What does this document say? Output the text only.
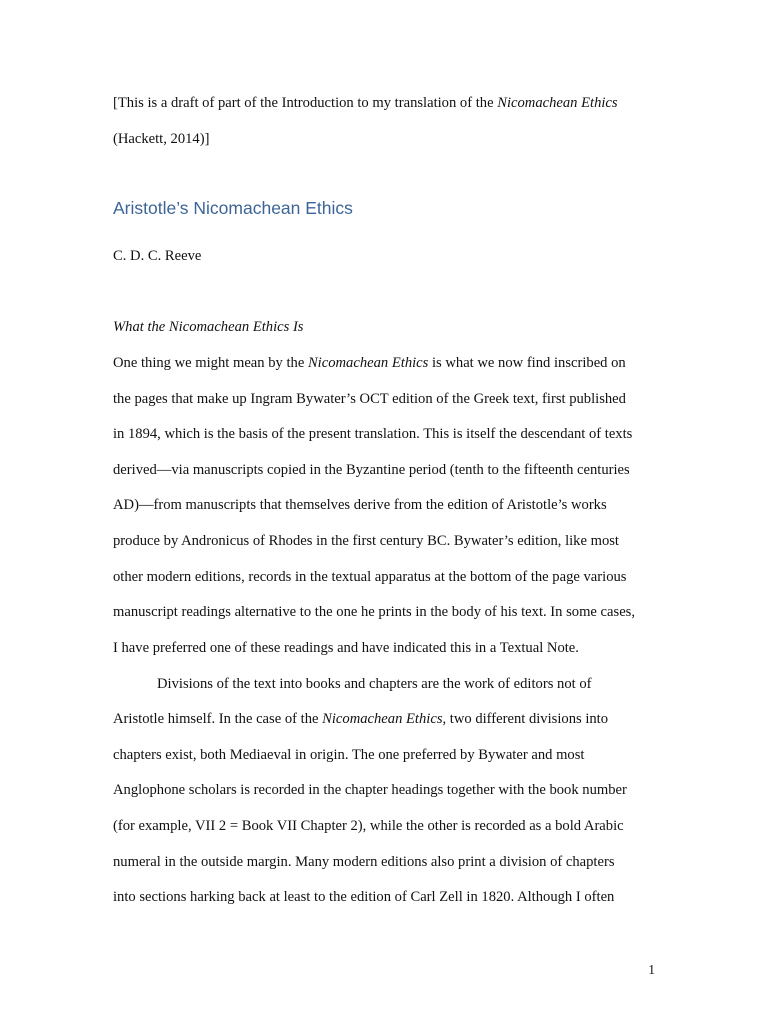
[This is a draft of part of the Introduction to my translation of the Nicomachean Ethics
(Hackett, 2014)]
Aristotle’s Nicomachean Ethics
C. D. C. Reeve
What the Nicomachean Ethics Is
One thing we might mean by the Nicomachean Ethics is what we now find inscribed on
the pages that make up Ingram Bywater’s OCT edition of the Greek text, first published
in 1894, which is the basis of the present translation. This is itself the descendant of texts
derived—via manuscripts copied in the Byzantine period (tenth to the fifteenth centuries
AD)—from manuscripts that themselves derive from the edition of Aristotle’s works
produce by Andronicus of Rhodes in the first century BC. Bywater’s edition, like most
other modern editions, records in the textual apparatus at the bottom of the page various
manuscript readings alternative to the one he prints in the body of his text. In some cases,
I have preferred one of these readings and have indicated this in a Textual Note.
Divisions of the text into books and chapters are the work of editors not of
Aristotle himself. In the case of the Nicomachean Ethics, two different divisions into
chapters exist, both Mediaeval in origin. The one preferred by Bywater and most
Anglophone scholars is recorded in the chapter headings together with the book number
(for example, VII 2 = Book VII Chapter 2), while the other is recorded as a bold Arabic
numeral in the outside margin. Many modern editions also print a division of chapters
into sections harking back at least to the edition of Carl Zell in 1820. Although I often
1
